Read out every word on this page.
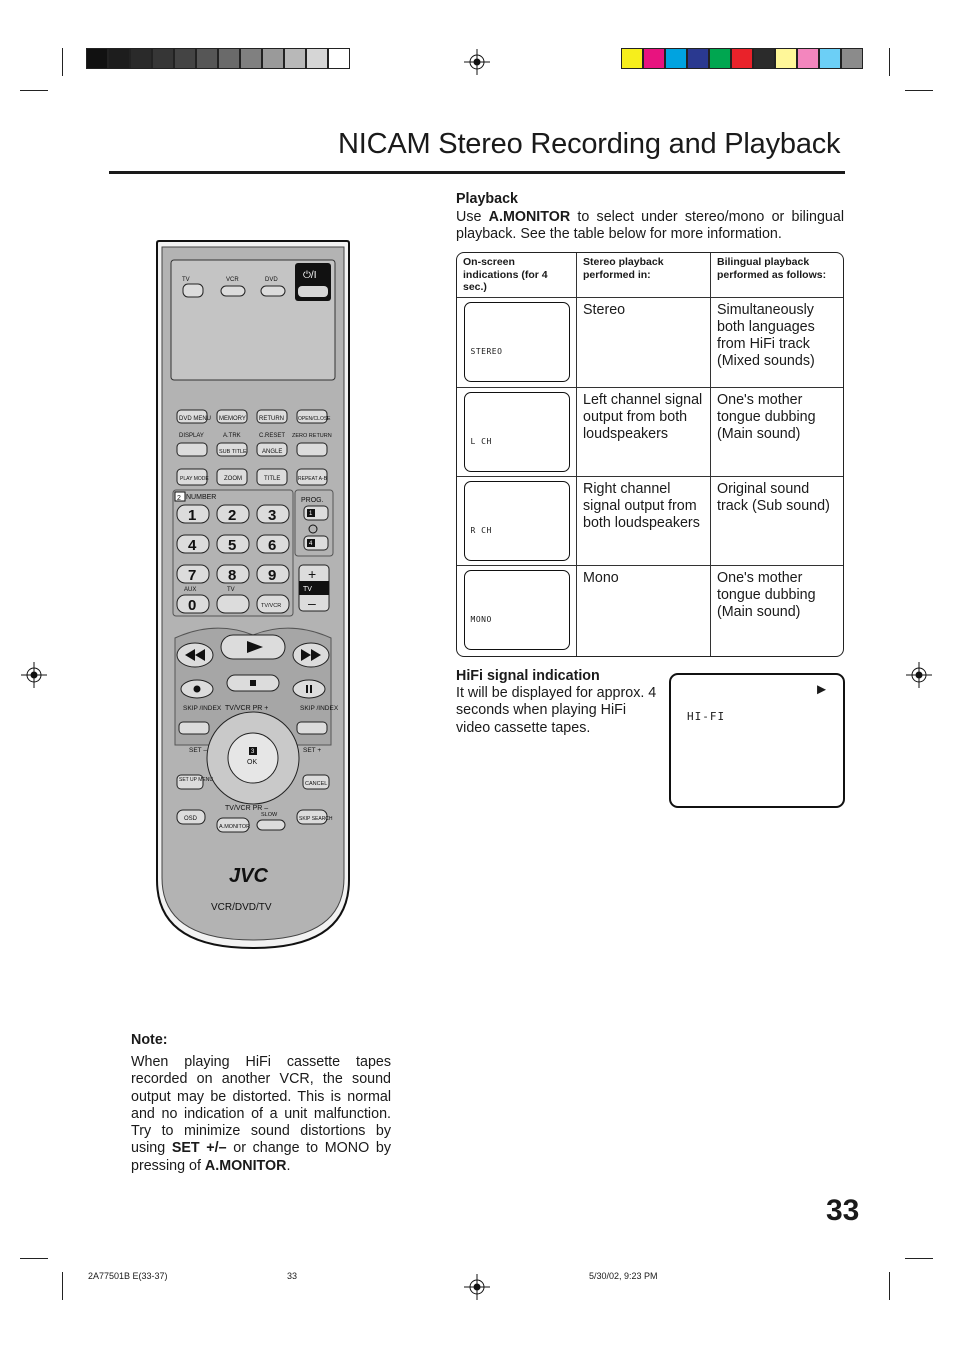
NICAM Stereo Recording and Playback
Playback
Use A.MONITOR to select under stereo/mono or bilingual playback. See the table below for more information.
On-screen indications (for 4 sec.)	Stereo playback performed in:	Bilingual playback performed as follows:

STEREO	Stereo	Simultaneously both languages from HiFi track (Mixed sounds)

L CH	Left channel signal output from both loudspeakers	One's mother tongue dubbing (Main sound)

R CH	Right channel signal output from both loudspeakers	Original sound track (Sub sound)

MONO	Mono	One's mother tongue dubbing (Main sound)
HiFi signal indication
It will be displayed for approx. 4 seconds when playing HiFi video cassette tapes.
HI-FI
►
Note:
When playing HiFi cassette tapes recorded on another VCR, the sound output may be distorted. This is normal and no indication of a unit malfunction. Try to minimize sound distortions by using SET +/– or change to MONO by pressing of A.MONITOR.
33
2A77501B E(33-37)	33	5/30/02, 9:23 PM
TV	VCR	DVD	⏻/I
DVD MENU MEMORY RETURN	OPEN/CLOSE
DISPLAY	A.TRK	C.RESET ZERO RETURN
SUB TITLE	ANGLE
PLAY MODE	ZOOM	TITLE	REPEAT A-B
2 NUMBER	PROG.
1
4
1 2 3
4 5 6
7 8 9
0
AUX	TV
TV/VCR
TV
+
–
SKIP /INDEX	SKIP /INDEX
TV/VCR PR +
3
OK
SET –	SET +
SET UP MENU
CANCEL
TV/VCR PR –
OSD
A.MONITOR
SLOW
SKIP SEARCH
JVC
VCR/DVD/TV
